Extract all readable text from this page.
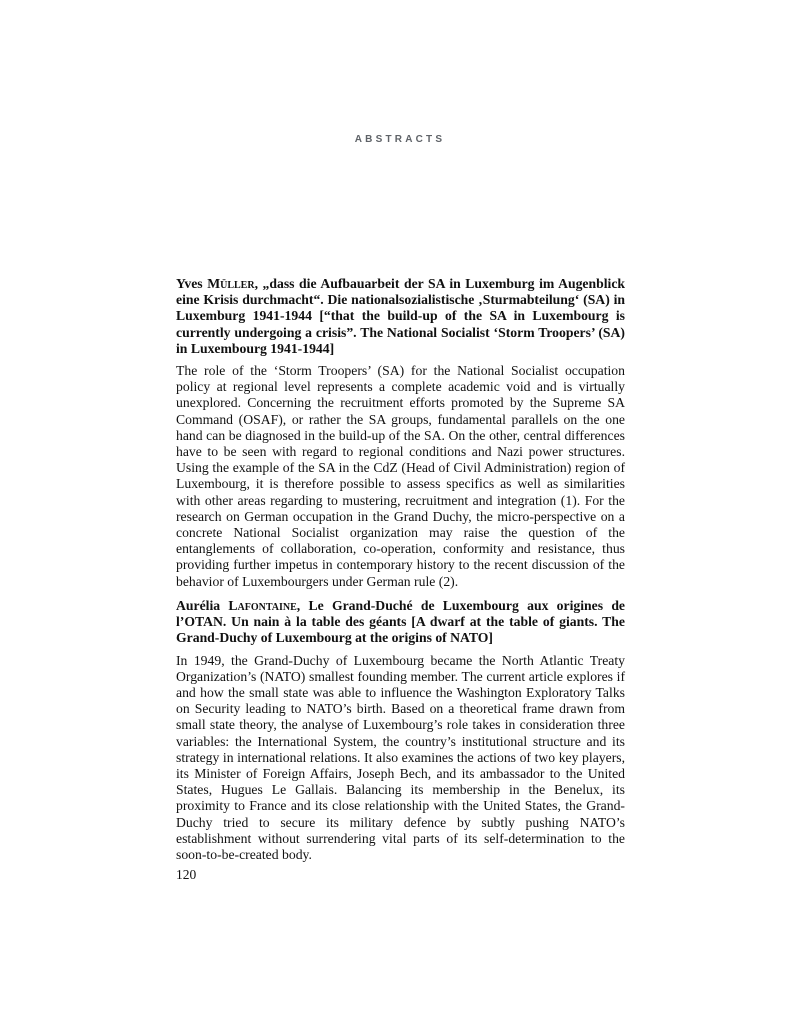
ABSTRACTS

Yves Müller, „dass die Aufbauarbeit der SA in Luxemburg im Augenblick eine Krisis durchmacht“. Die nationalsozialistische ‚Sturmabteilung‘ (SA) in Luxemburg 1941-1944 [“that the build-up of the SA in Luxembourg is currently undergoing a crisis”. The National Socialist ‘Storm Troopers’ (SA) in Luxembourg 1941-1944]

The role of the ‘Storm Troopers’ (SA) for the National Socialist occupation policy at regional level represents a complete academic void and is virtually unexplored. Concerning the recruitment efforts promoted by the Supreme SA Command (OSAF), or rather the SA groups, fundamental parallels on the one hand can be diagnosed in the build-up of the SA. On the other, central differences have to be seen with regard to regional conditions and Nazi power structures. Using the example of the SA in the CdZ (Head of Civil Administration) region of Luxembourg, it is therefore possible to assess specifics as well as similarities with other areas regarding to mustering, recruitment and integration (1). For the research on German occupation in the Grand Duchy, the micro-perspective on a concrete National Socialist organization may raise the question of the entanglements of collaboration, co-operation, conformity and resistance, thus providing further impetus in contemporary history to the recent discussion of the behavior of Luxembourgers under German rule (2).

Aurélia Lafontaine, Le Grand-Duché de Luxembourg aux origines de l’OTAN. Un nain à la table des géants [A dwarf at the table of giants. The Grand-Duchy of Luxembourg at the origins of NATO]

In 1949, the Grand-Duchy of Luxembourg became the North Atlantic Treaty Organization’s (NATO) smallest founding member. The current article explores if and how the small state was able to influence the Washington Exploratory Talks on Security leading to NATO’s birth. Based on a theoretical frame drawn from small state theory, the analyse of Luxembourg’s role takes in consideration three variables: the International System, the country’s institutional structure and its strategy in international relations. It also examines the actions of two key players, its Minister of Foreign Affairs, Joseph Bech, and its ambassador to the United States, Hugues Le Gallais. Balancing its membership in the Benelux, its proximity to France and its close relationship with the United States, the Grand-Duchy tried to secure its military defence by subtly pushing NATO’s establishment without surrendering vital parts of its self-determination to the soon-to-be-created body.

120
